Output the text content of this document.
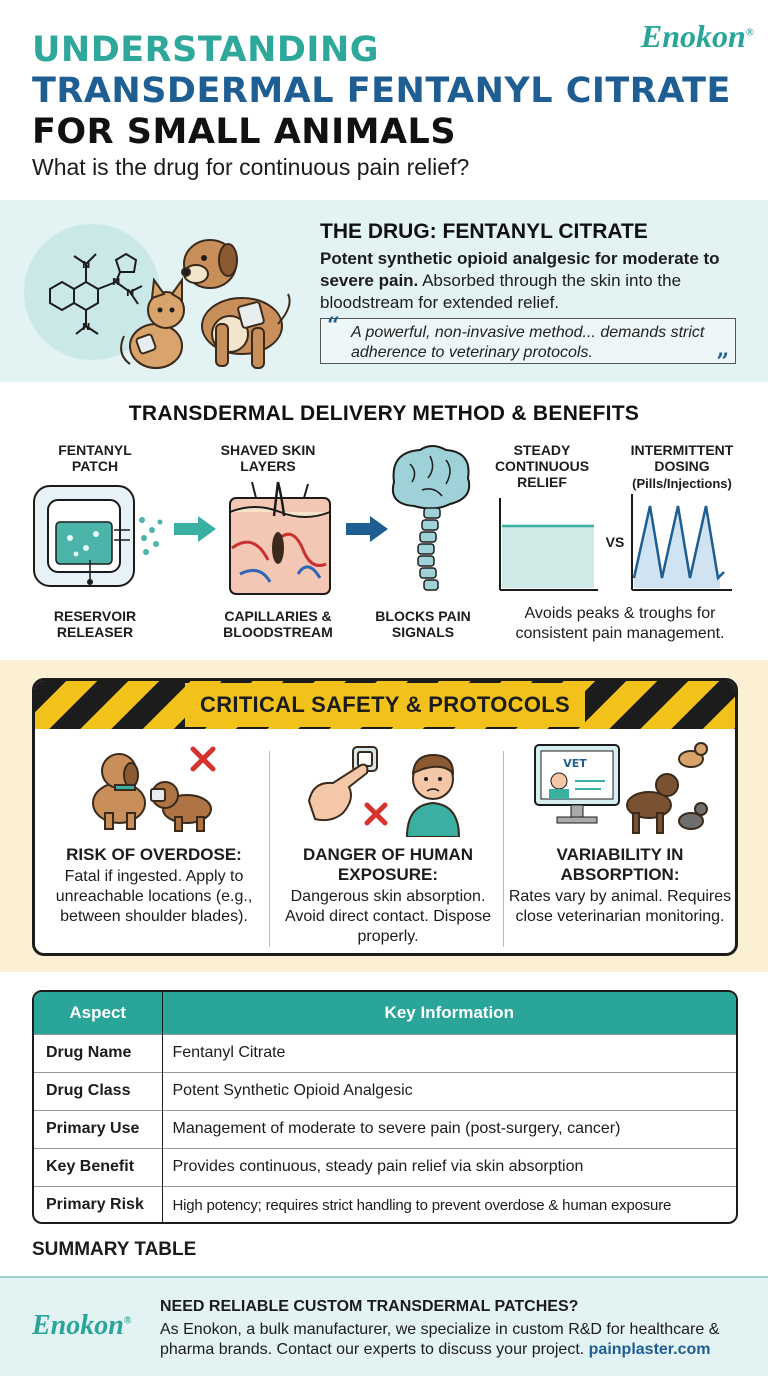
Enokon®
UNDERSTANDING
TRANSDERMAL FENTANYL CITRATE
FOR SMALL ANIMALS
What is the drug for continuous pain relief?
N
N
N
N
THE DRUG: FENTANYL CITRATE
Potent synthetic opioid analgesic for moderate to severe pain. Absorbed through the skin into the bloodstream for extended relief.
“ A powerful, non-invasive method... demands strict adherence to veterinary protocols.	”
TRANSDERMAL DELIVERY METHOD & BENEFITS
FENTANYL
PATCH
SHAVED SKIN
LAYERS
RESERVOIR
RELEASER
CAPILLARIES &
BLOODSTREAM
BLOCKS PAIN
SIGNALS
STEADY
CONTINUOUS
RELIEF
INTERMITTENT
DOSING
(Pills/Injections)
VS
Avoids peaks & troughs for consistent pain management.
CRITICAL SAFETY & PROTOCOLS
RISK OF OVERDOSE:
Fatal if ingested. Apply to unreachable locations (e.g., between shoulder blades).
DANGER OF HUMAN EXPOSURE:
Dangerous skin absorption. Avoid direct contact. Dispose properly.
VET
VARIABILITY IN ABSORPTION:
Rates vary by animal. Requires close veterinarian monitoring.
Aspect	Key Information
Drug Name	Fentanyl Citrate
Drug Class	Potent Synthetic Opioid Analgesic
Primary Use	Management of moderate to severe pain (post-surgery, cancer)
Key Benefit	Provides continuous, steady pain relief via skin absorption
Primary Risk	High potency; requires strict handling to prevent overdose & human exposure
SUMMARY TABLE
Enokon®
NEED RELIABLE CUSTOM TRANSDERMAL PATCHES?
As Enokon, a bulk manufacturer, we specialize in custom R&D for healthcare & pharma brands. Contact our experts to discuss your project. painplaster.com
